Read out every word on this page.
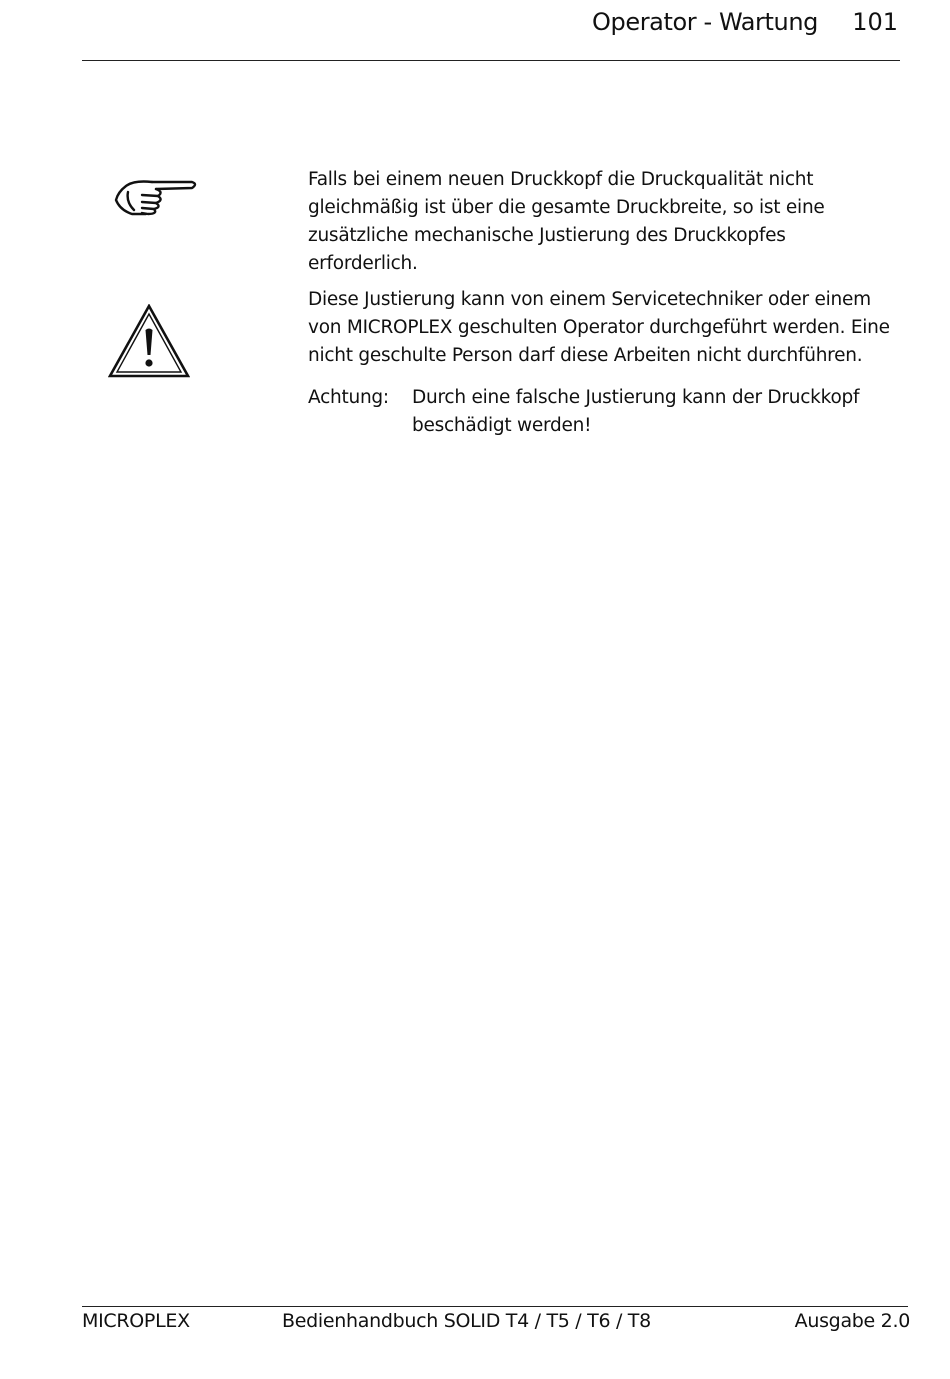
Operator - Wartung	101
Falls bei einem neuen Druckkopf die Druckqualität nicht
gleichmäßig ist über die gesamte Druckbreite, so ist eine
zusätzliche mechanische Justierung des Druckkopfes
erforderlich.
Diese Justierung kann von einem Servicetechniker oder einem
von MICROPLEX geschulten Operator durchgeführt werden. Eine
nicht geschulte Person darf diese Arbeiten nicht durchführen.
Achtung: Durch eine falsche Justierung kann der Druckkopf
beschädigt werden!
MICROPLEX	Bedienhandbuch SOLID T4 / T5 / T6 / T8	Ausgabe 2.0
